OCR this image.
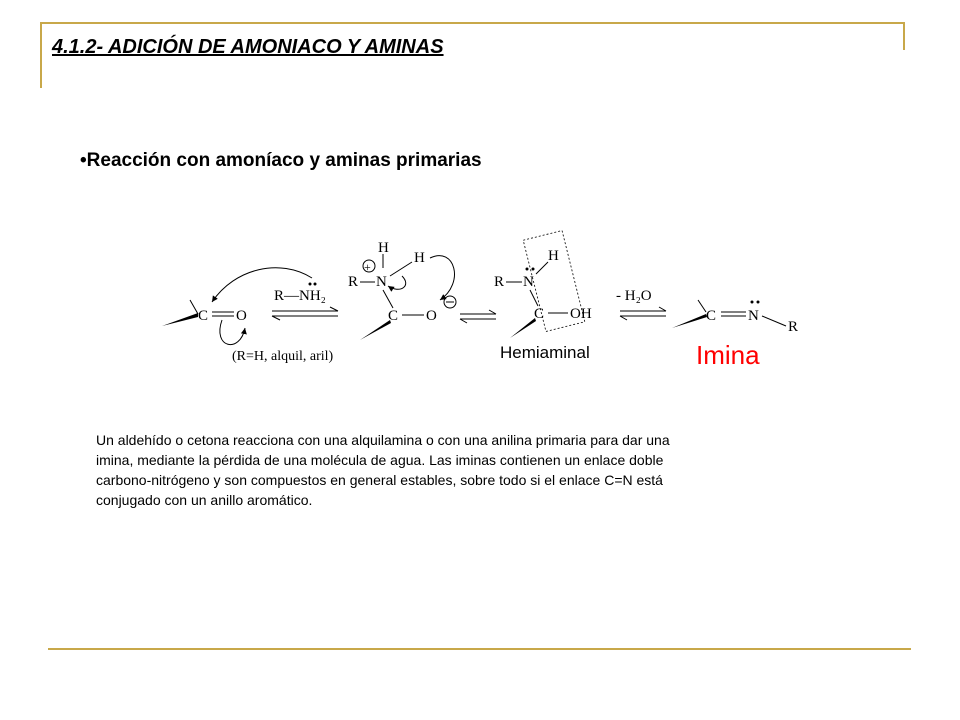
4.1.2- ADICIÓN DE AMONIACO Y AMINAS
•Reacción con amoníaco y aminas primarias
C O
R—NH₂
(R=H, alquil, aril)
H
+
R N
H
C O
H
R N
C OH
Hemiaminal
- H₂O
C N
R
Imina
Un aldehído o cetona reacciona con una alquilamina o con una anilina primaria para dar una
imina, mediante la pérdida de una molécula de agua. Las iminas contienen un enlace doble
carbono-nitrógeno y son compuestos en general estables, sobre todo si el enlace C=N está
conjugado con un anillo aromático.
